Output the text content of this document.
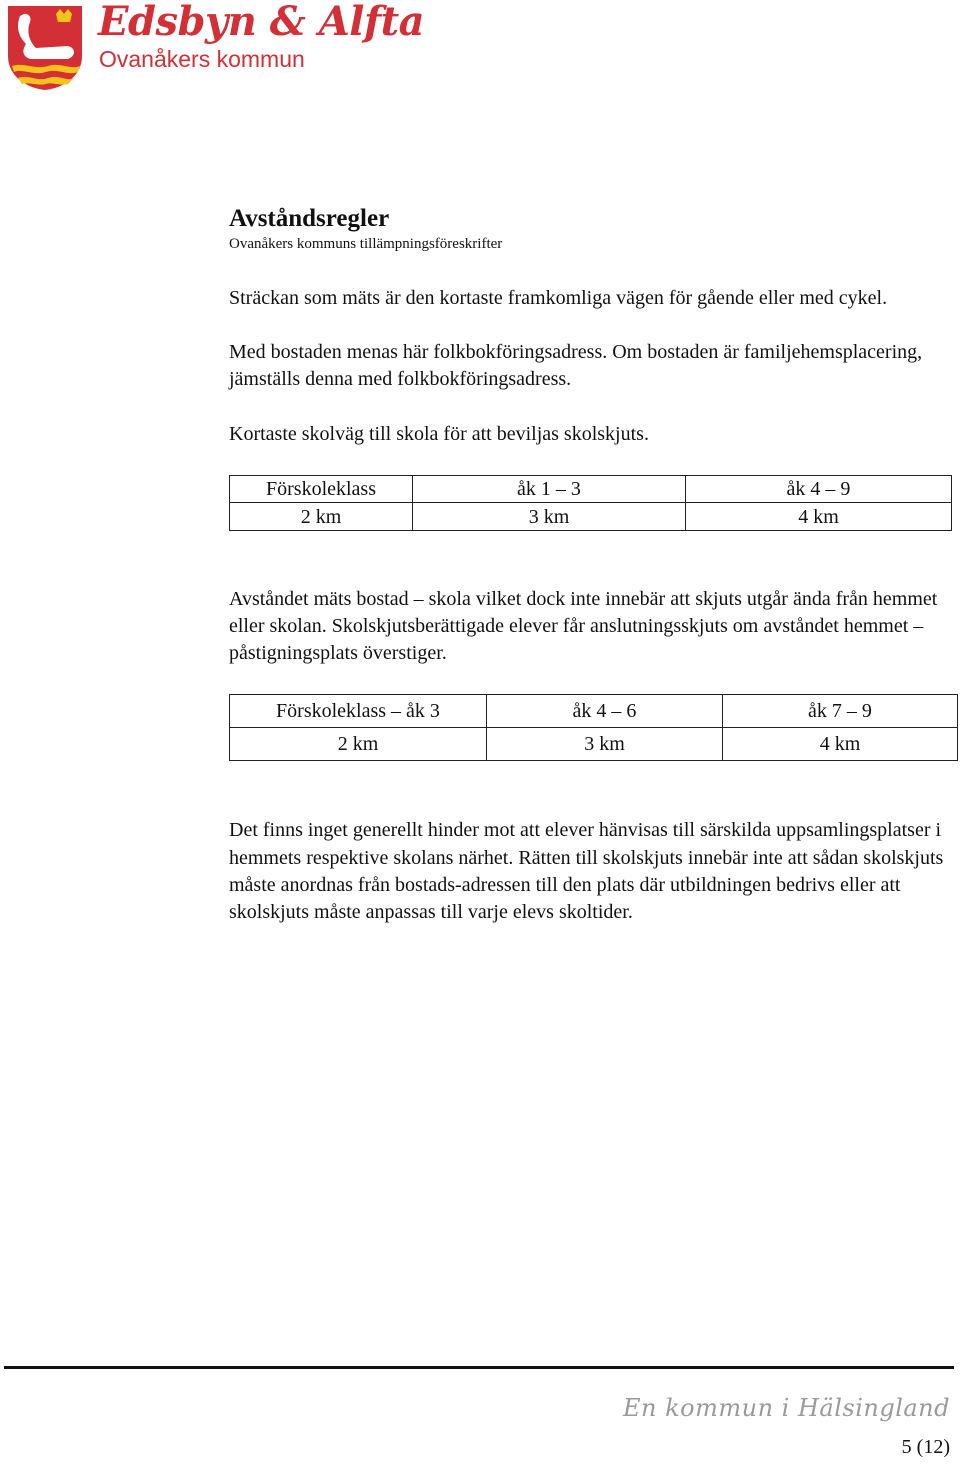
Edsbyn & Alfta
Ovanåkers kommun
Avståndsregler
Ovanåkers kommuns tillämpningsföreskrifter

Sträckan som mäts är den kortaste framkomliga vägen för gående eller med cykel.

Med bostaden menas här folkbokföringsadress. Om bostaden är familjehemsplacering, jämställs denna med folkbokföringsadress.

Kortaste skolväg till skola för att beviljas skolskjuts.

Förskoleklass	åk 1 – 3	åk 4 – 9
2 km	3 km	4 km

Avståndet mäts bostad – skola vilket dock inte innebär att skjuts utgår ända från hemmet eller skolan. Skolskjutsberättigade elever får anslutningsskjuts om avståndet hemmet – påstigningsplats överstiger.

Förskoleklass – åk 3	åk 4 – 6	åk 7 – 9
2 km	3 km	4 km

Det finns inget generellt hinder mot att elever hänvisas till särskilda uppsamlingsplatser i hemmets respektive skolans närhet. Rätten till skolskjuts innebär inte att sådan skolskjuts måste anordnas från bostads-adressen till den plats där utbildningen bedrivs eller att skolskjuts måste anpassas till varje elevs skoltider.

En kommun i Hälsingland
5 (12)
